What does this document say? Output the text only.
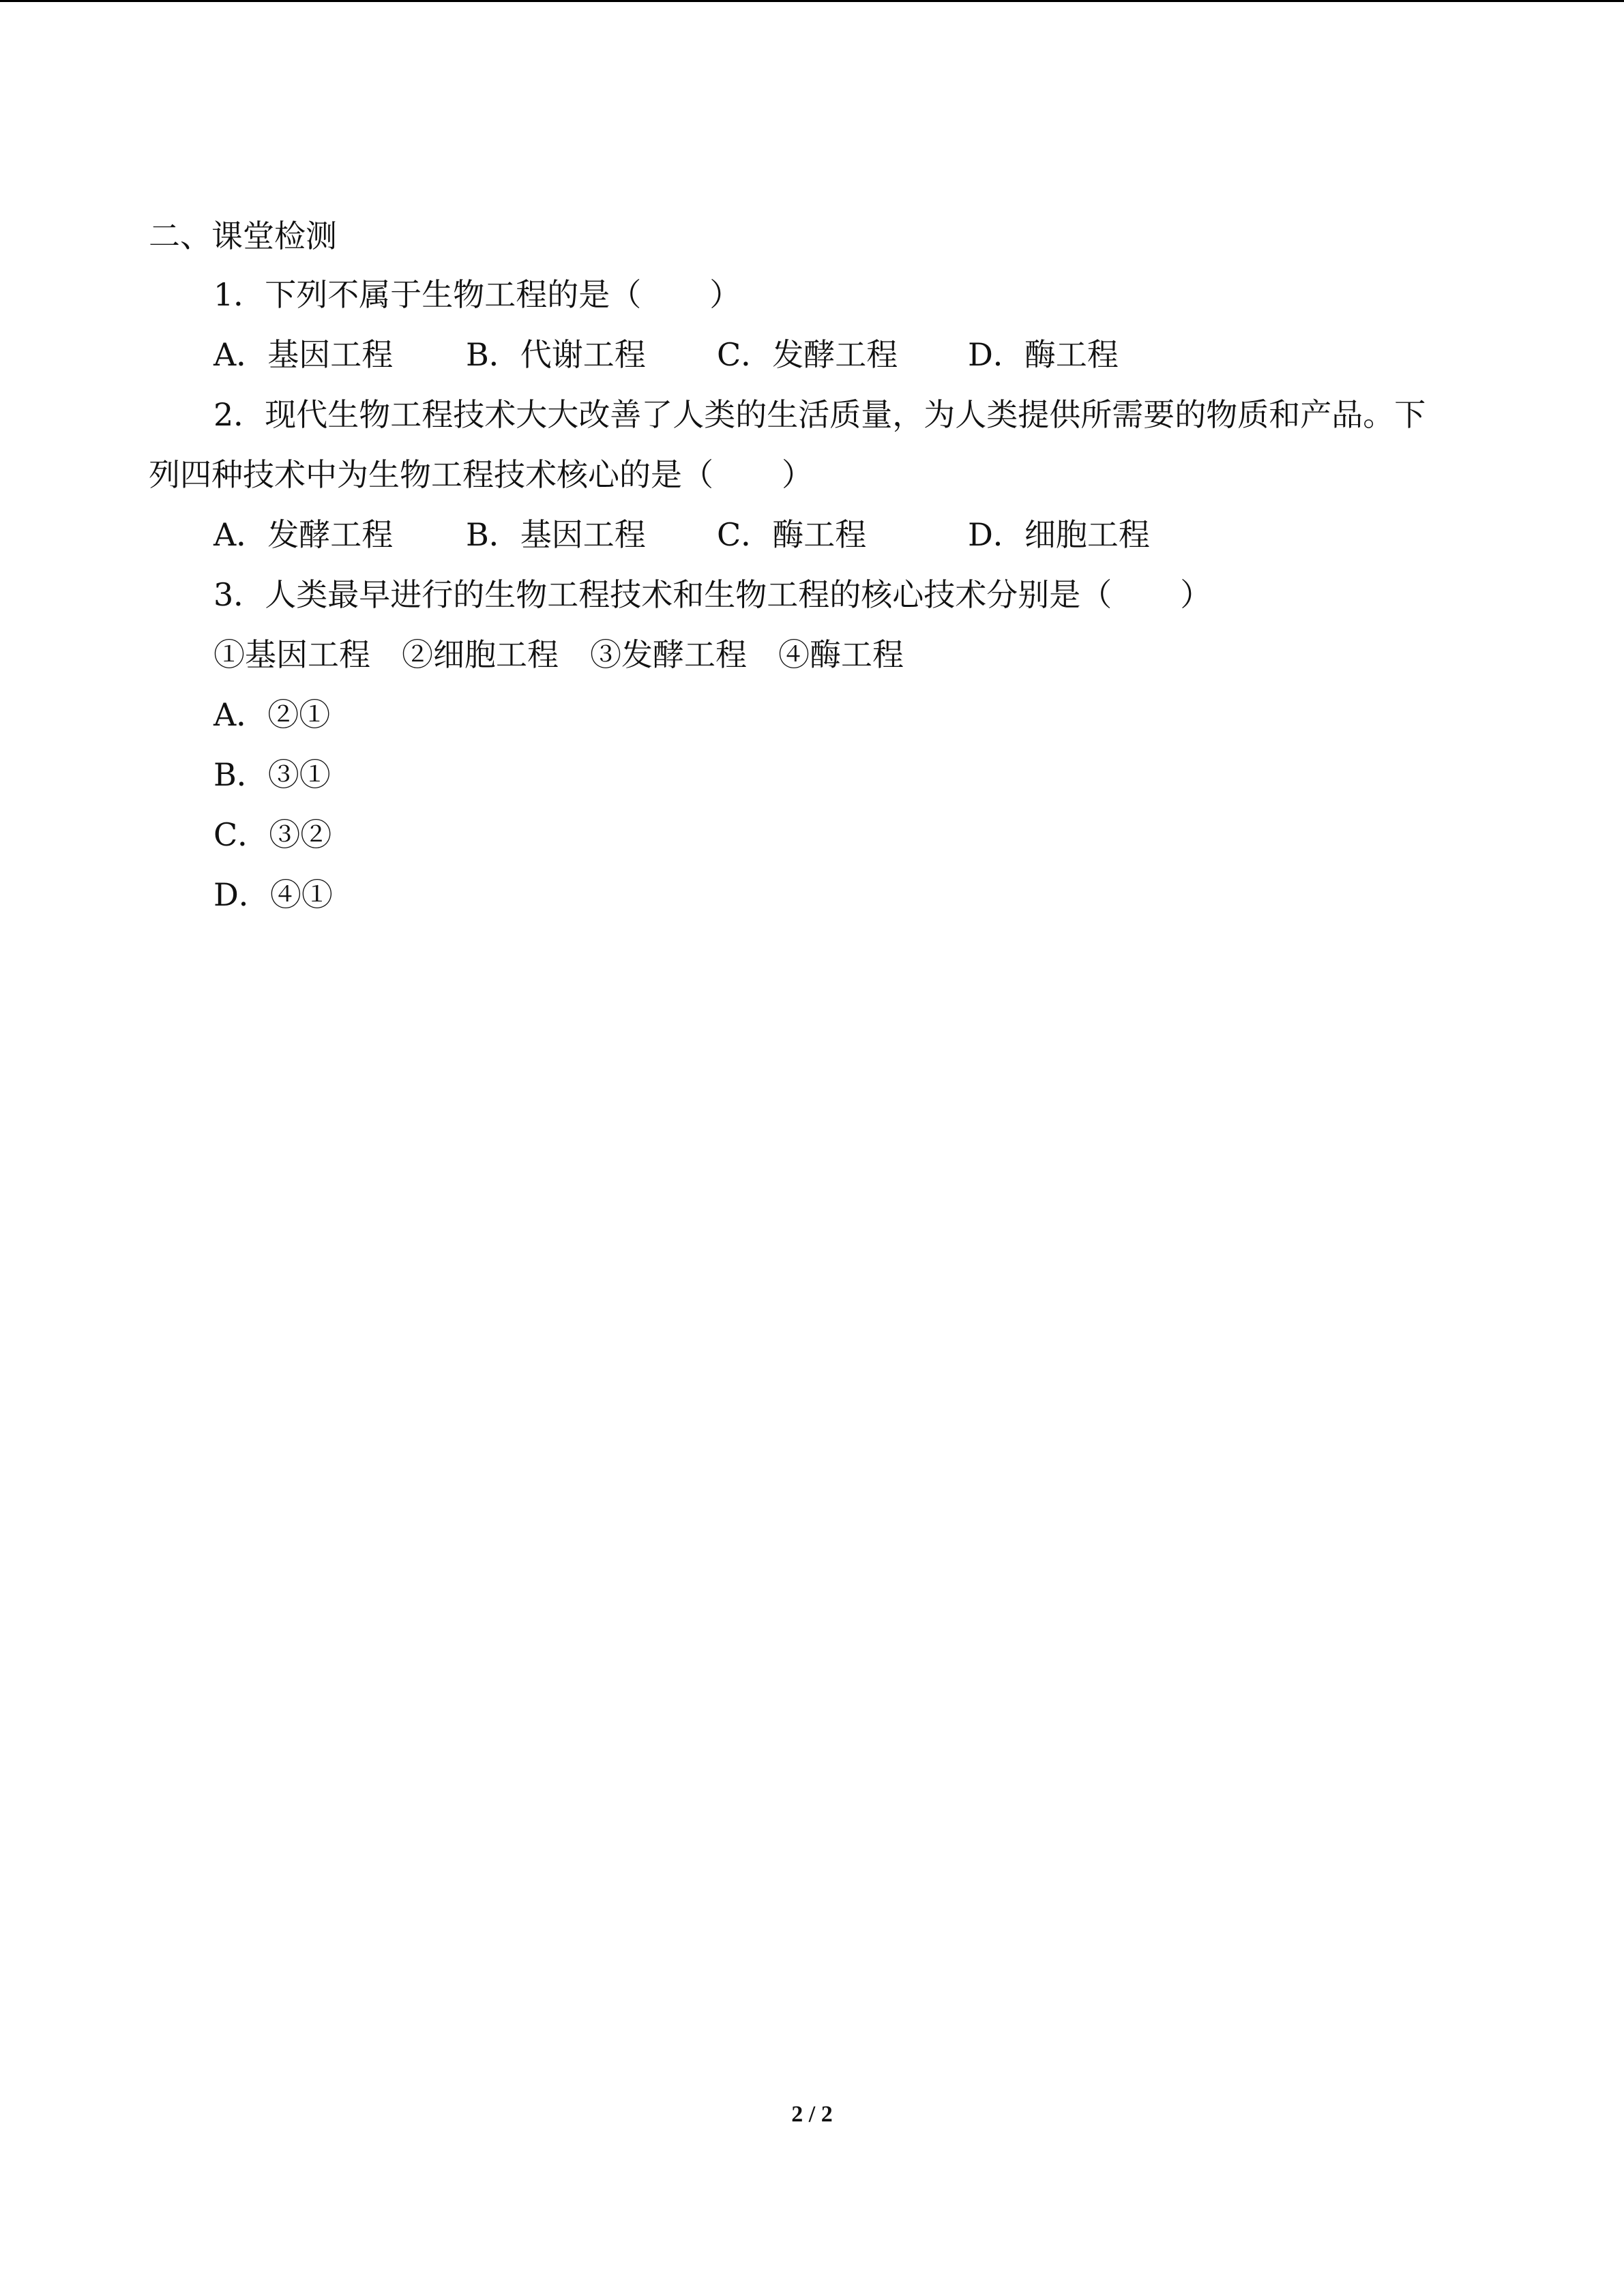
二、课堂检测
1．下列不属于生物工程的是（ ）
A．基因工程 B．代谢工程 C．发酵工程 D．酶工程
2．现代生物工程技术大大改善了人类的生活质量，为人类提供所需要的物质和产品。下
列四种技术中为生物工程技术核心的是（ ）
A．发酵工程 B．基因工程 C．酶工程	D．细胞工程
3．人类最早进行的生物工程技术和生物工程的核心技术分别是（ ）
①基因工程　②细胞工程　③发酵工程　④酶工程
A．②①
B．③①
C．③②
D．④①
2 / 2
